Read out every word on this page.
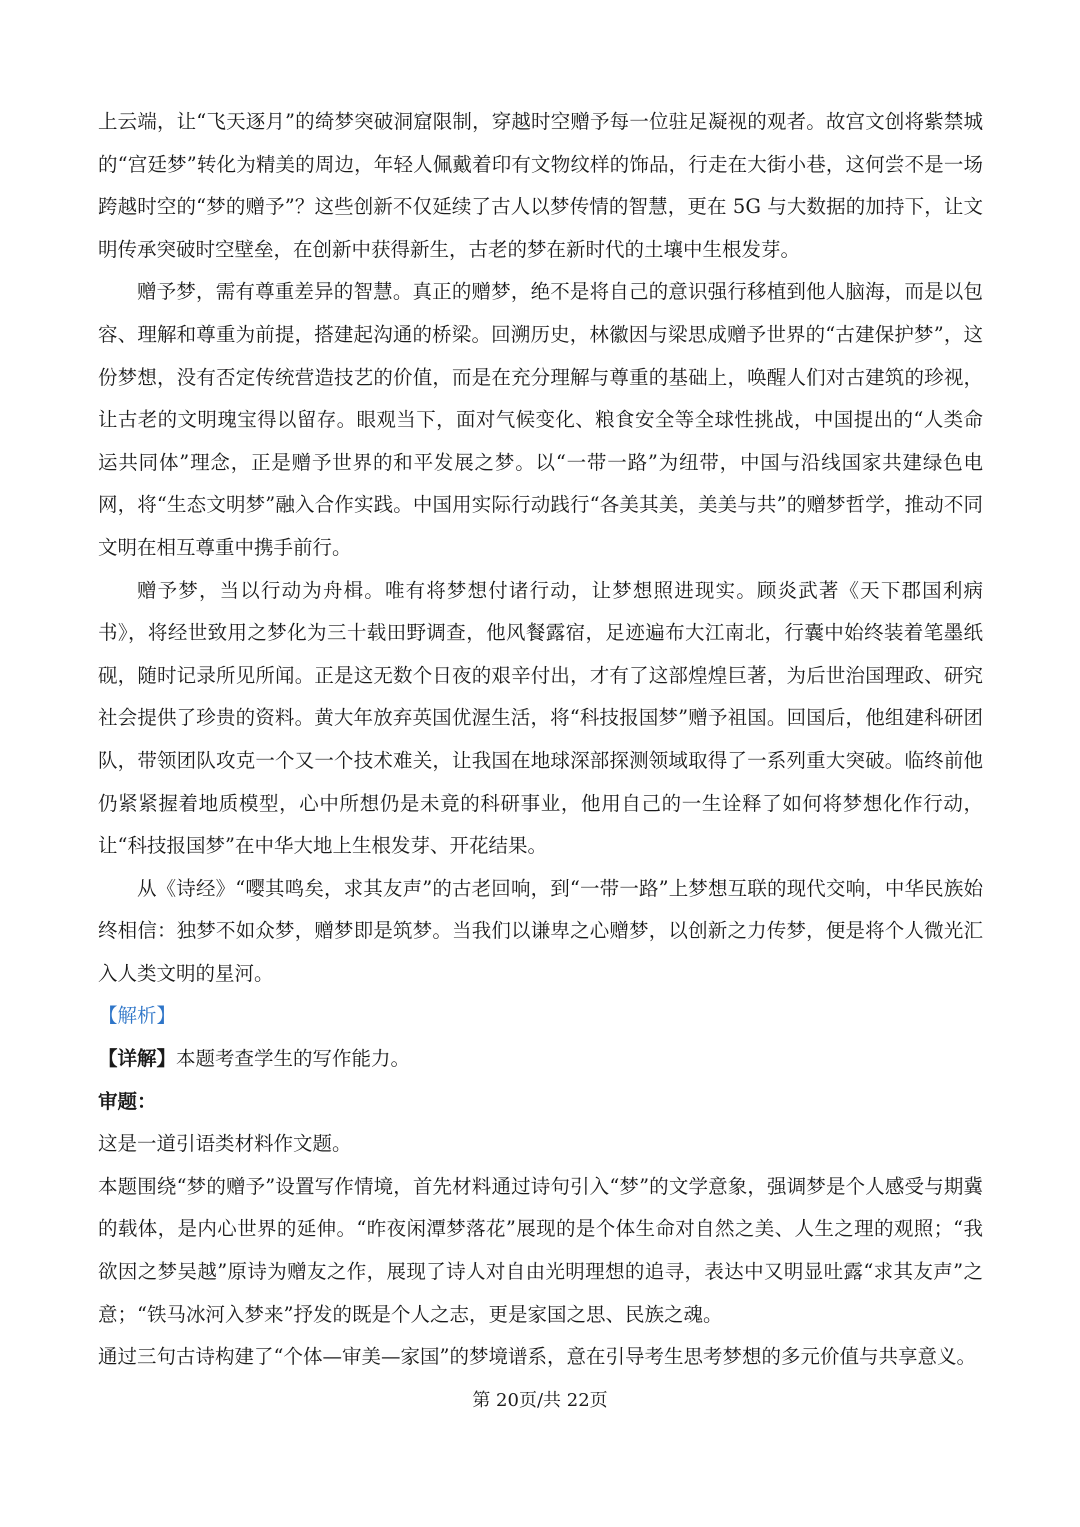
上云端，让“飞天逐月”的绮梦突破洞窟限制，穿越时空赠予每一位驻足凝视的观者。故宫文创将紫禁城的“宫廷梦”转化为精美的周边，年轻人佩戴着印有文物纹样的饰品，行走在大街小巷，这何尝不是一场跨越时空的“梦的赠予”？这些创新不仅延续了古人以梦传情的智慧，更在 5G 与大数据的加持下，让文明传承突破时空壁垒，在创新中获得新生，古老的梦在新时代的土壤中生根发芽。

赠予梦，需有尊重差异的智慧。真正的赠梦，绝不是将自己的意识强行移植到他人脑海，而是以包容、理解和尊重为前提，搭建起沟通的桥梁。回溯历史，林徽因与梁思成赠予世界的“古建保护梦”，这份梦想，没有否定传统营造技艺的价值，而是在充分理解与尊重的基础上，唤醒人们对古建筑的珍视，让古老的文明瑰宝得以留存。眼观当下，面对气候变化、粮食安全等全球性挑战，中国提出的“人类命运共同体”理念，正是赠予世界的和平发展之梦。以“一带一路”为纽带，中国与沿线国家共建绿色电网，将“生态文明梦”融入合作实践。中国用实际行动践行“各美其美，美美与共”的赠梦哲学，推动不同文明在相互尊重中携手前行。

赠予梦，当以行动为舟楫。唯有将梦想付诸行动，让梦想照进现实。顾炎武著《天下郡国利病书》，将经世致用之梦化为三十载田野调查，他风餐露宿，足迹遍布大江南北，行囊中始终装着笔墨纸砚，随时记录所见所闻。正是这无数个日夜的艰辛付出，才有了这部煌煌巨著，为后世治国理政、研究社会提供了珍贵的资料。黄大年放弃英国优渥生活，将“科技报国梦”赠予祖国。回国后，他组建科研团队，带领团队攻克一个又一个技术难关，让我国在地球深部探测领域取得了一系列重大突破。临终前他仍紧紧握着地质模型，心中所想仍是未竟的科研事业，他用自己的一生诠释了如何将梦想化作行动，让“科技报国梦”在中华大地上生根发芽、开花结果。

从《诗经》“嘤其鸣矣，求其友声”的古老回响，到“一带一路”上梦想互联的现代交响，中华民族始终相信：独梦不如众梦，赠梦即是筑梦。当我们以谦卑之心赠梦，以创新之力传梦，便是将个人微光汇入人类文明的星河。

【解析】

【详解】本题考查学生的写作能力。

审题：

这是一道引语类材料作文题。

本题围绕“梦的赠予”设置写作情境，首先材料通过诗句引入“梦”的文学意象，强调梦是个人感受与期冀的载体，是内心世界的延伸。“昨夜闲潭梦落花”展现的是个体生命对自然之美、人生之理的观照；“我欲因之梦吴越”原诗为赠友之作，展现了诗人对自由光明理想的追寻，表达中又明显吐露“求其友声”之意；“铁马冰河入梦来”抒发的既是个人之志，更是家国之思、民族之魂。

通过三句古诗构建了“个体—审美—家国”的梦境谱系，意在引导考生思考梦想的多元价值与共享意义。

第 20页/共 22页
